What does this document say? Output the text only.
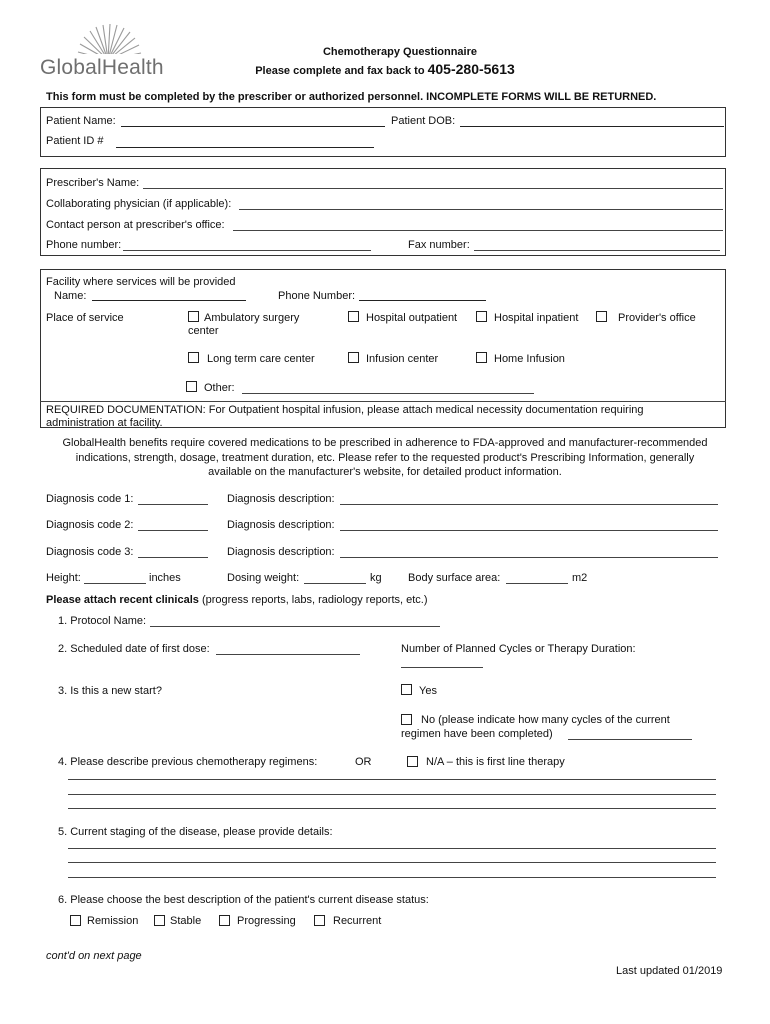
GlobalHealth
Chemotherapy Questionnaire
Please complete and fax back to 405-280-5613
This form must be completed by the prescriber or authorized personnel. INCOMPLETE FORMS WILL BE RETURNED.
Patient Name:	Patient DOB:
Patient ID #
Prescriber's Name:
Collaborating physician (if applicable):
Contact person at prescriber's office:
Phone number:	Fax number:
Facility where services will be provided
Name:	Phone Number:
Place of service	Ambulatory surgery
center
Hospital outpatient	Hospital inpatient	Provider's office
Long term care center	Infusion center	Home Infusion
Other:
REQUIRED DOCUMENTATION: For Outpatient hospital infusion, please attach medical necessity documentation requiring
administration at facility.
GlobalHealth benefits require covered medications to be prescribed in adherence to FDA-approved and manufacturer-recommended
indications, strength, dosage, treatment duration, etc. Please refer to the requested product's Prescribing Information, generally
available on the manufacturer's website, for detailed product information.
Diagnosis code 1:	Diagnosis description:
Diagnosis code 2:	Diagnosis description:
Diagnosis code 3:	Diagnosis description:
Height:	inches	Dosing weight:	kg Body surface area:	m2
Please attach recent clinicals (progress reports, labs, radiology reports, etc.)
1. Protocol Name:
2. Scheduled date of first dose:	Number of Planned Cycles or Therapy Duration:
3. Is this a new start?	Yes
No (please indicate how many cycles of the current
regimen have been completed)
4. Please describe previous chemotherapy regimens:	OR	N/A – this is first line therapy
5. Current staging of the disease, please provide details:
6. Please choose the best description of the patient's current disease status:
Remission	Stable	Progressing	Recurrent
cont'd on next page
Last updated 01/2019
